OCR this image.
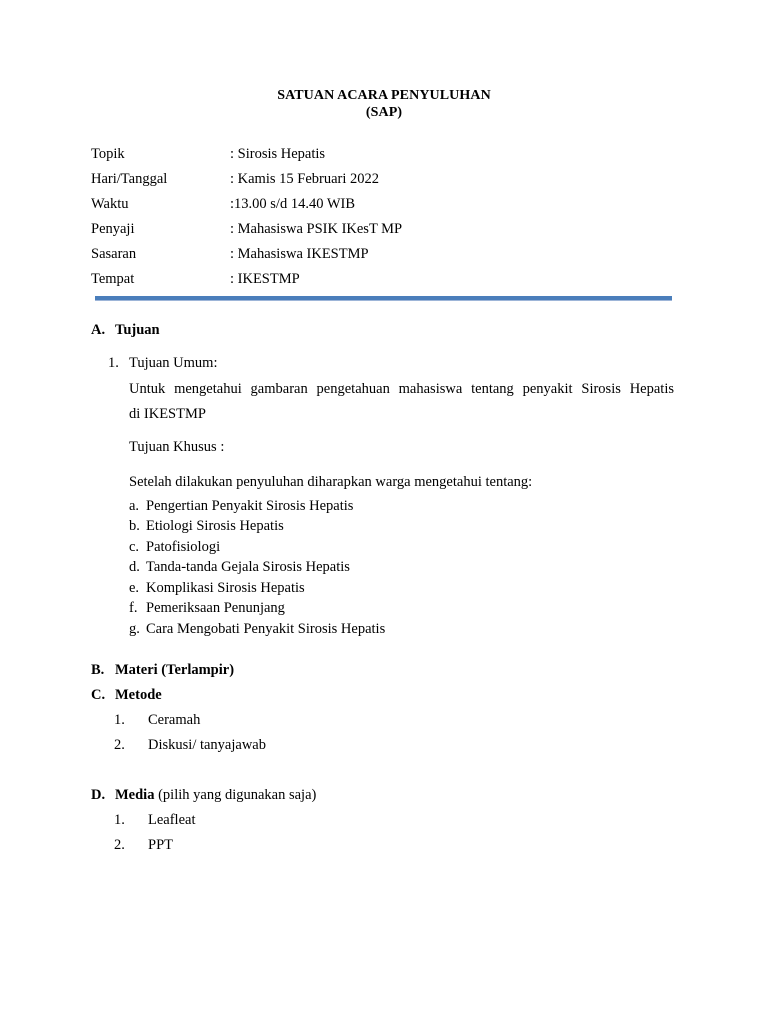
SATUAN ACARA PENYULUHAN
(SAP)
Topik	: Sirosis Hepatis
Hari/Tanggal	: Kamis 15 Februari 2022
Waktu	:13.00 s/d 14.40 WIB
Penyaji	: Mahasiswa PSIK IKesT MP
Sasaran	: Mahasiswa IKESTMP
Tempat	: IKESTMP
A. Tujuan
1. Tujuan Umum:
Untuk mengetahui gambaran pengetahuan mahasiswa tentang penyakit Sirosis Hepatis
di IKESTMP
Tujuan Khusus :
Setelah dilakukan penyuluhan diharapkan warga mengetahui tentang:
a. Pengertian Penyakit Sirosis Hepatis
b. Etiologi Sirosis Hepatis
c. Patofisiologi
d. Tanda-tanda Gejala Sirosis Hepatis
e. Komplikasi Sirosis Hepatis
f. Pemeriksaan Penunjang
g. Cara Mengobati Penyakit Sirosis Hepatis
B. Materi (Terlampir)
C. Metode
1. Ceramah
2. Diskusi/ tanyajawab
D. Media (pilih yang digunakan saja)
1. Leafleat
2. PPT
